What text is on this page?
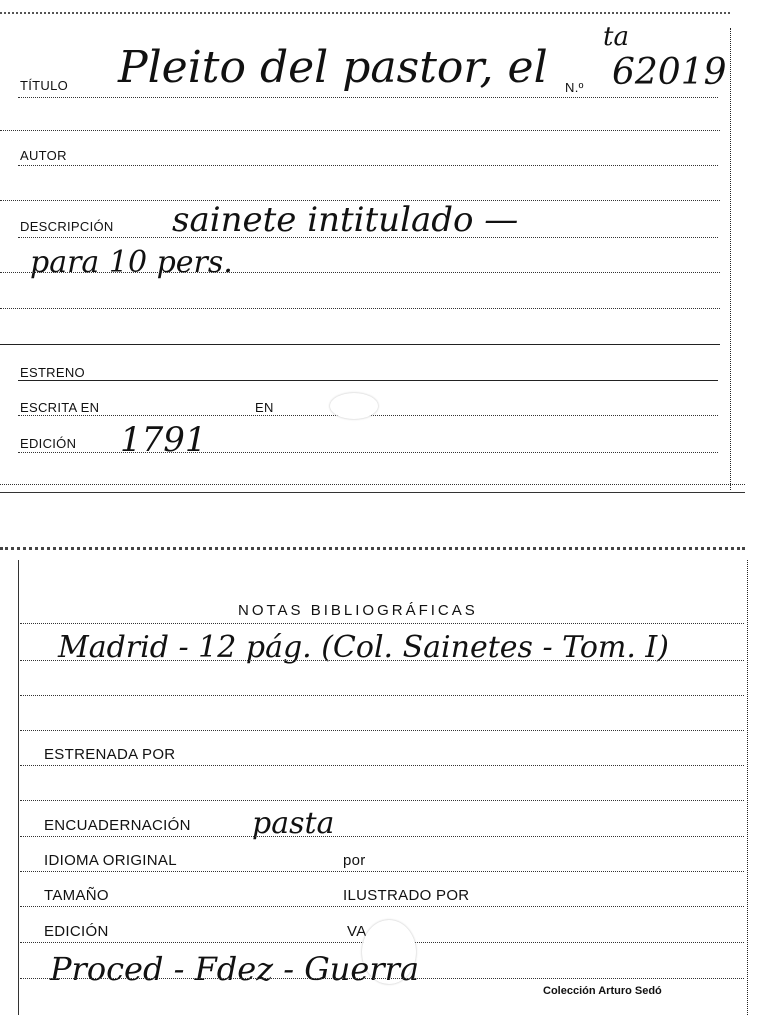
TÍTULO Pleito del pastor, el N.º 62019
ta
AUTOR
DESCRIPCIÓN sainete intitulado —
para 10 pers.
ESTRENO
ESCRITA EN	EN
EDICIÓN 1791
NOTAS BIBLIOGRÁFICAS
Madrid - 12 pág. (Col. Sainetes - Tom. I)
ESTRENADA POR
ENCUADERNACIÓN pasta
IDIOMA ORIGINAL	por
TAMAÑO	ILUSTRADO POR
EDICIÓN	VA
Proced - Fdez - Guerra
Colección Arturo Sedó
